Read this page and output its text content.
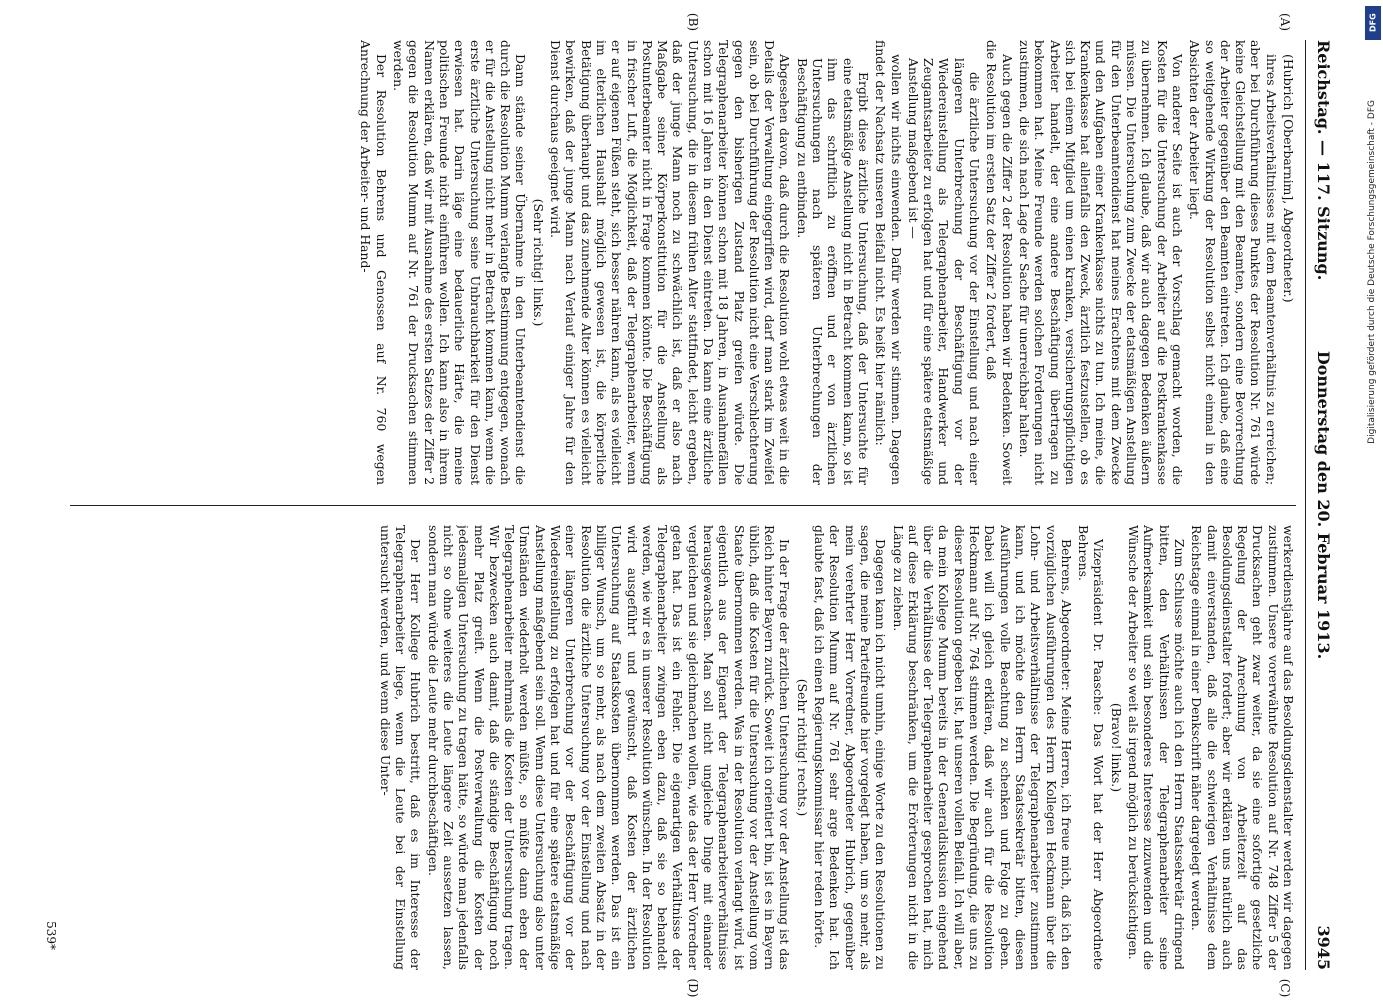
Reichstag. — 117. Sitzung.
Donnerstag den 20. Februar 1913.
3945

(Hubrich [Oberbarnim], Abgeordneter.)

ihres Arbeitsverhältnisses mit dem Beamtenverhältnis zu erreichen; aber bei Durchführung dieses Punktes der Resolution Nr. 761 würde keine Gleichstellung mit den Beamten, sondern eine Bevorrechtung der Arbeiter gegenüber den Beamten eintreten. Ich glaube, daß eine so weitgehende Wirkung der Resolution selbst nicht einmal in den Absichten der Arbeiter liegt.

Von anderer Seite ist auch der Vorschlag gemacht worden, die Kosten für die Untersuchung der Arbeiter auf die Postkrankenkasse zu übernehmen. Ich glaube, daß wir auch dagegen Bedenken äußern müssen. Die Untersuchung zum Zwecke der etatsmäßigen Anstellung für den Unterbeamtendienst hat meines Erachtens mit dem Zwecke und den Aufgaben einer Krankenkasse nichts zu tun. Ich meine, die Krankenkasse hat allenfalls den Zweck, ärztlich festzustellen, ob es sich bei einem Mitglied um einen kranken, versicherungspflichtigen Arbeiter handelt, der eine andere Beschäftigung übertragen zu bekommen hat. Meine Freunde werden solchen Forderungen nicht zustimmen, die sich nach Lage der Sache für unerreichbar halten.

Auch gegen die Ziffer 2 der Resolution haben wir Bedenken. Soweit die Resolution im ersten Satz der Ziffer 2 fordert, daß

die ärztliche Untersuchung vor der Einstellung und nach einer längeren Unterbrechung der Beschäftigung vor der Wiedereinstellung als Telegraphenarbeiter, Handwerker und Zeugamtsarbeiter zu erfolgen hat und für eine spätere etatsmäßige Anstellung maßgebend ist —

wollen wir nichts einwenden. Dafür werden wir stimmen. Dagegen findet der Nachsatz unseren Beifall nicht. Es heißt hier nämlich:

Ergibt diese ärztliche Untersuchung, daß der Untersuchte für eine etatsmäßige Anstellung nicht in Betracht kommen kann, so ist ihm das schriftlich zu eröffnen und er von ärztlichen Untersuchungen nach späteren Unterbrechungen der Beschäftigung zu entbinden.

Abgesehen davon, daß durch die Resolution wohl etwas weit in die Details der Verwaltung eingegriffen wird, darf man stark im Zweifel sein, ob bei Durchführung der Resolution nicht eine Verschlechterung gegen den bisherigen Zustand Platz greifen würde. Die Telegraphenarbeiter können schon mit 18 Jahren, in Ausnahmefällen schon mit 16 Jahren in den Dienst eintreten. Da kann eine ärztliche Untersuchung, die in diesem frühen Alter stattfindet, leicht ergeben, daß der junge Mann noch zu schwächlich ist, daß er also nach Maßgabe seiner Körperkonstitution für die Anstellung als Postunterbeamter nicht in Frage kommen könnte. Die Beschäftigung in frischer Luft, die Möglichkeit, daß der Telegraphenarbeiter, wenn er auf eigenen Füßen steht, sich besser nähren kann, als es vielleicht im elterlichen Haushalt möglich gewesen ist, die körperliche Betätigung überhaupt und das zunehmende Alter können es vielleicht bewirken, daß der junge Mann nach Verlauf einiger Jahre für den Dienst durchaus geeignet wird.

(Sehr richtig! links.)

Dann stände seiner Übernahme in den Unterbeamtendienst die durch die Resolution Mumm verlangte Bestimmung entgegen, wonach er für die Anstellung nicht mehr in Betracht kommen kann, wenn die erste ärztliche Untersuchung seine Unbrauchbarkeit für den Dienst erwiesen hat. Darin läge eine bedauerliche Härte, die meine politischen Freunde nicht einführen wollen. Ich kann also in ihrem Namen erklären, daß wir mit Ausnahme des ersten Satzes der Ziffer 2 gegen die Resolution Mumm auf Nr. 761 der Drucksachen stimmen werden.

Der Resolution Behrens und Genossen auf Nr. 760 wegen Anrechnung der Arbeiter- und Hand-

werkerdienstjahre auf das Besoldungsdienstalter werden wir dagegen zustimmen. Unsere vorerwähnte Resolution auf Nr. 748 Ziffer 5 der Drucksachen geht zwar weiter, da sie eine sofortige gesetzliche Regelung der Anrechnung von Arbeiterzeit auf das Besoldungsdienstalter fordert; aber wir erklären uns natürlich auch damit einverstanden, daß alle die schwierigen Verhältnisse dem Reichstage einmal in einer Denkschrift näher dargelegt werden.

Zum Schlusse möchte auch ich den Herrn Staatssekretär dringend bitten, den Verhältnissen der Telegraphenarbeiter seine Aufmerksamkeit und sein besonderes Interesse zuzuwenden und die Wünsche der Arbeiter so weit als irgend möglich zu berücksichtigen.

(Bravo! links.)

Vizepräsident Dr. Paasche: Das Wort hat der Herr Abgeordnete Behrens.

Behrens, Abgeordneter: Meine Herren, ich freue mich, daß ich den vorzüglichen Ausführungen des Herrn Kollegen Heckmann über die Lohn- und Arbeitsverhältnisse der Telegraphenarbeiter zustimmen kann, und ich möchte den Herrn Staatssekretär bitten, diesen Ausführungen volle Beachtung zu schenken und Folge zu geben. Dabei will ich gleich erklären, daß wir auch für die Resolution Heckmann auf Nr. 764 stimmen werden. Die Begründung, die uns zu dieser Resolution gegeben ist, hat unseren vollen Beifall. Ich will aber, da mein Kollege Mumm bereits in der Generaldiskussion eingehend über die Verhältnisse der Telegraphenarbeiter gesprochen hat, mich auf diese Erklärung beschränken, um die Erörterungen nicht in die Länge zu ziehen.

Dagegen kann ich nicht umhin, einige Worte zu den Resolutionen zu sagen, die meine Parteifreunde hier vorgelegt haben, um so mehr, als mein verehrter Herr Vorredner, Abgeordneter Hubrich, gegenüber der Resolution Mumm auf Nr. 761 sehr arge Bedenken hat. Ich glaubte fast, daß ich einen Regierungskommissar hier reden hörte.

(Sehr richtig! rechts.)

In der Frage der ärztlichen Untersuchung vor der Anstellung ist das Reich hinter Bayern zurück. Soweit ich orientiert bin, ist es in Bayern üblich, daß die Kosten für die Untersuchung vor der Anstellung vom Staate übernommen werden. Was in der Resolution verlangt wird, ist eigentlich aus der Eigenart der Telegraphenarbeiterverhältnisse herausgewachsen. Man soll nicht ungleiche Dinge mit einander vergleichen und sie gleichmachen wollen, wie das der Herr Vorredner getan hat. Das ist ein Fehler. Die eigenartigen Verhältnisse der Telegraphenarbeiter zwingen eben dazu, daß sie so behandelt werden, wie wir es in unserer Resolution wünschen. In der Resolution wird ausgeführt und gewünscht, daß Kosten der ärztlichen Untersuchung auf Staatskosten übernommen werden. Das ist ein billiger Wunsch, um so mehr, als nach dem zweiten Absatz in der Resolution die ärztliche Untersuchung vor der Einstellung und nach einer längeren Unterbrechung vor der Beschäftigung vor der Wiedereinstellung zu erfolgen hat und für eine spätere etatsmäßige Anstellung maßgebend sein soll. Wenn diese Untersuchung also unter Umständen wiederholt werden müßte, so müßte dann eben der Telegraphenarbeiter mehrmals die Kosten der Untersuchung tragen. Wir bezwecken auch damit, daß die ständige Beschäftigung noch mehr Platz greift. Wenn die Postverwaltung die Kosten der jedesmaligen Untersuchung zu tragen hätte, so würde man jedenfalls nicht so ohne weiteres die Leute längere Zeit aussetzen lassen, sondern man würde die Leute mehr durchbeschäftigen.

Der Herr Kollege Hubrich bestritt, daß es im Interesse der Telegraphenarbeiter liege, wenn die Leute bei der Einstellung untersucht werden, und wenn diese Unter-

(A)
(B)
(C)
(D)
539*
DFG
Digitalisierung gefördert durch die Deutsche Forschungsgemeinschaft - DFG
